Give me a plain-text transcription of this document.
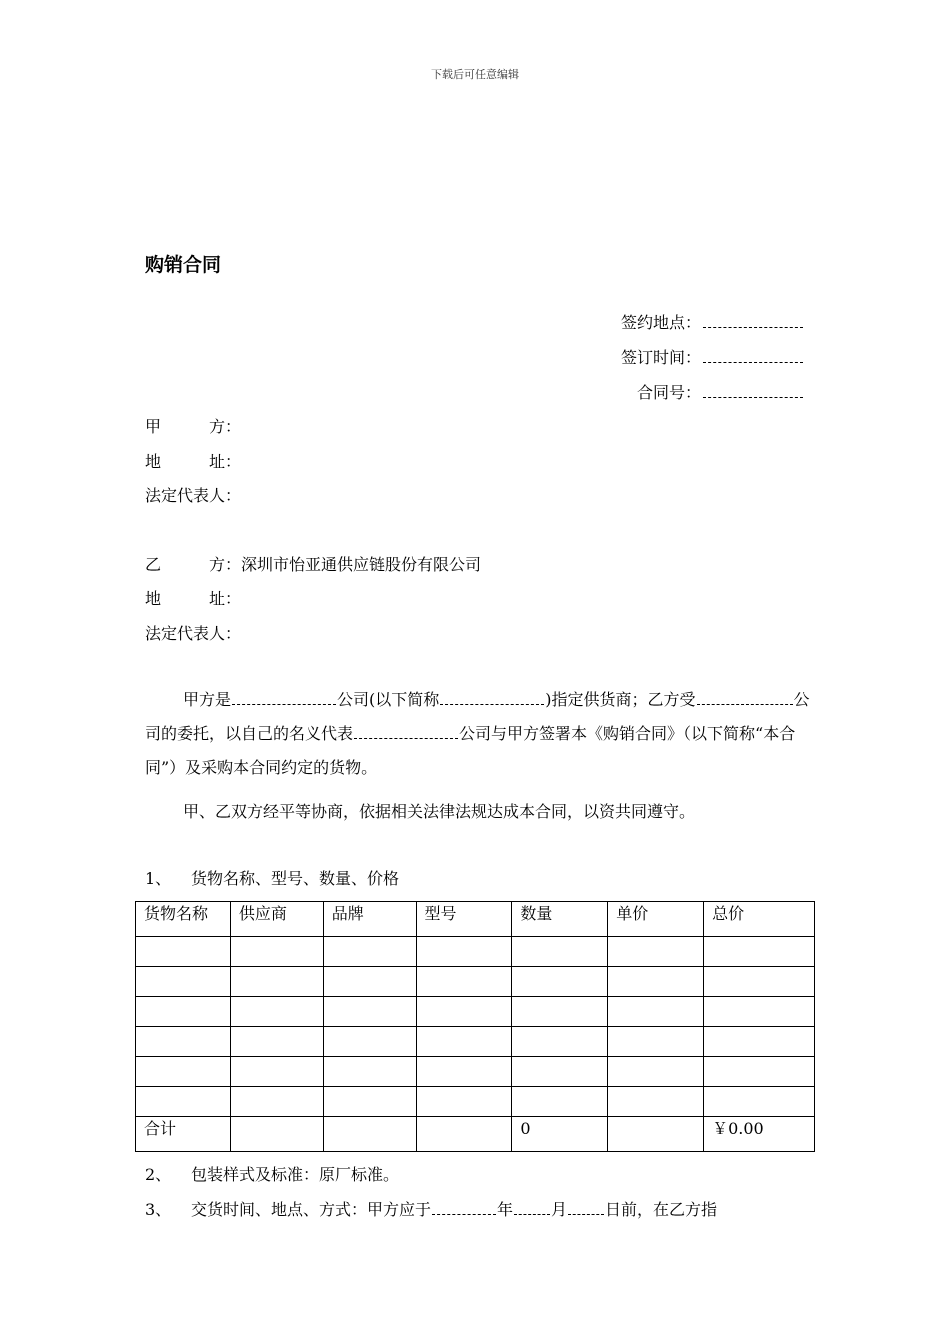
下载后可任意编辑
购销合同
签约地点：
签订时间：
合同号：
甲　　　方：
地　　　址：
法定代表人：
乙　　　方：深圳市怡亚通供应链股份有限公司
地　　　址：
法定代表人：
甲方是	公司(以下简称	)指定供货商；乙方受	公司的委托，以自己的名义代表	公司与甲方签署本《购销合同》（以下简称“本合同”）及采购本合同约定的货物。
甲、乙双方经平等协商，依据相关法律法规达成本合同，以资共同遵守。
1、 货物名称、型号、数量、价格
货物名称	供应商	品牌	型号	数量	单价	总价

合计				0		￥0.00
2、 包装样式及标准：原厂标准。
3、 交货时间、地点、方式：甲方应于	年 月 日前，在乙方指
